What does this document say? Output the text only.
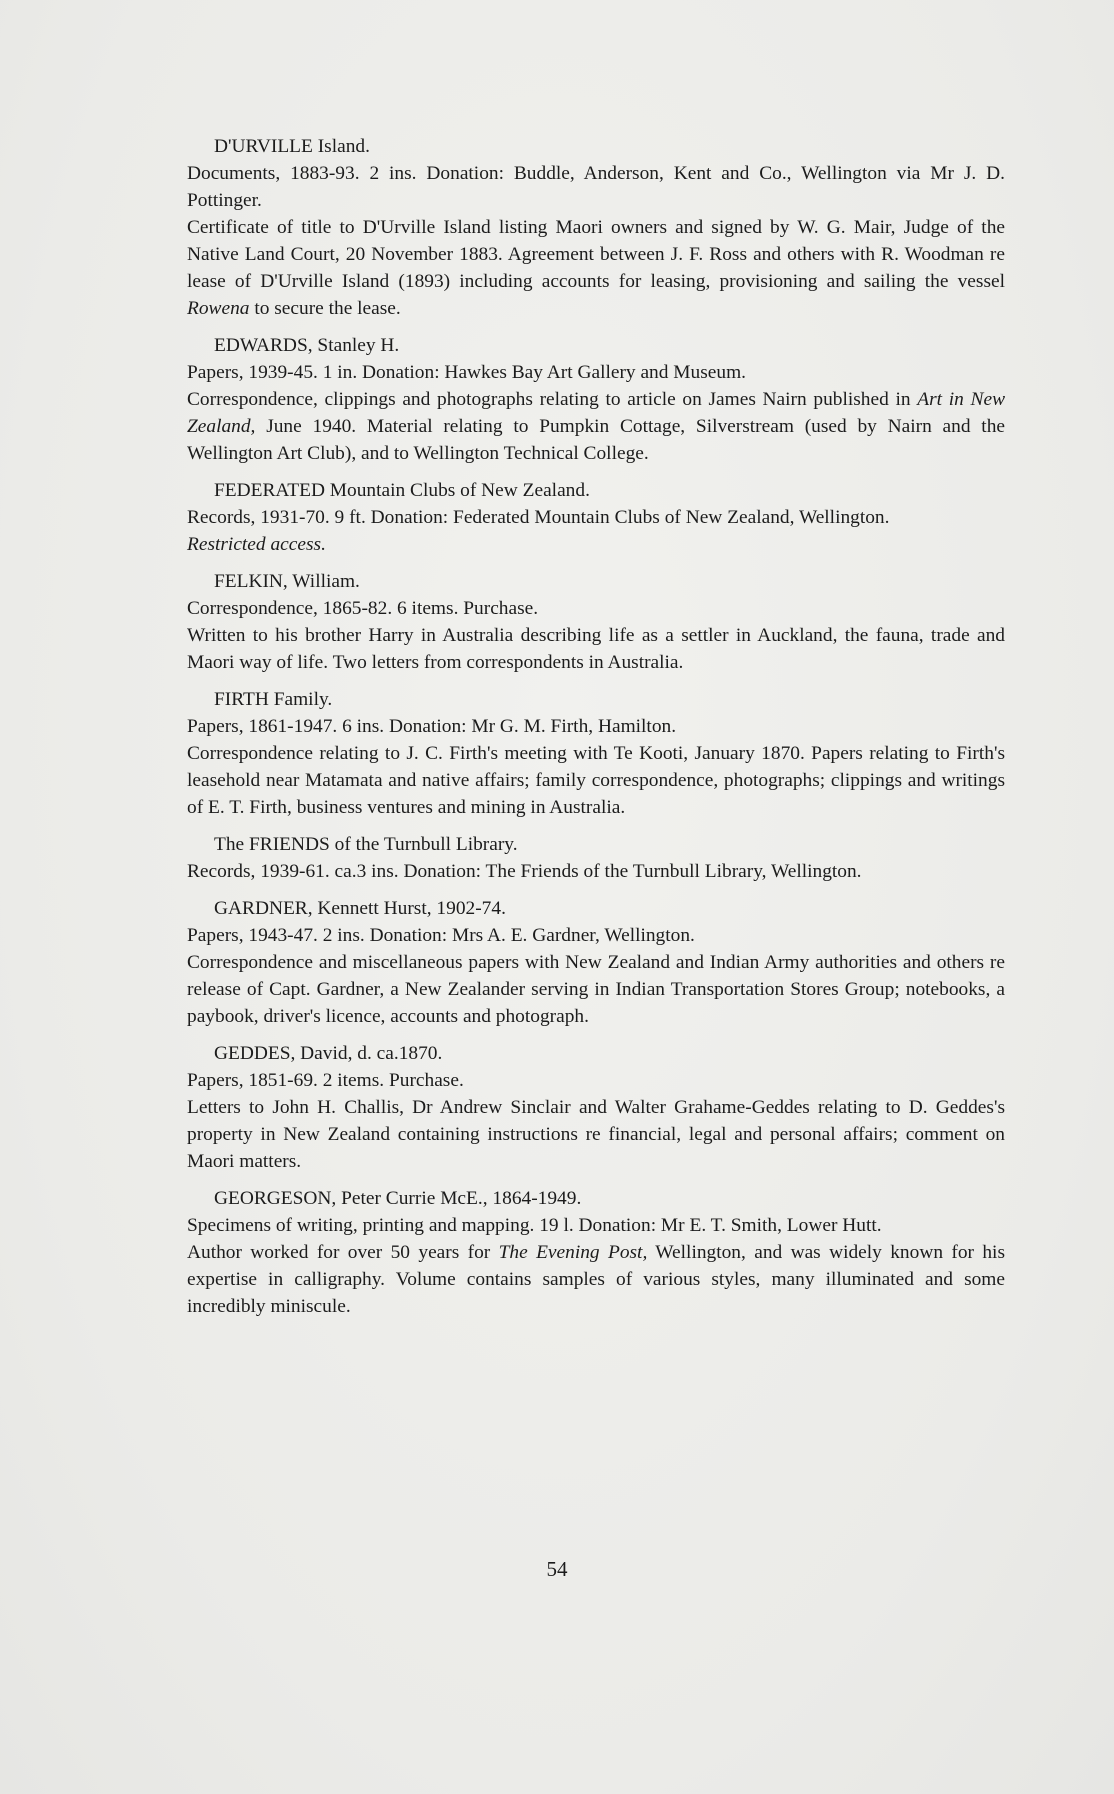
D'URVILLE Island.
Documents, 1883-93. 2 ins. Donation: Buddle, Anderson, Kent and Co., Wellington via Mr J. D. Pottinger.
Certificate of title to D'Urville Island listing Maori owners and signed by W. G. Mair, Judge of the Native Land Court, 20 November 1883. Agreement between J. F. Ross and others with R. Woodman re lease of D'Urville Island (1893) including accounts for leasing, provisioning and sailing the vessel Rowena to secure the lease.
EDWARDS, Stanley H.
Papers, 1939-45. 1 in. Donation: Hawkes Bay Art Gallery and Museum.
Correspondence, clippings and photographs relating to article on James Nairn published in Art in New Zealand, June 1940. Material relating to Pumpkin Cottage, Silverstream (used by Nairn and the Wellington Art Club), and to Wellington Technical College.
FEDERATED Mountain Clubs of New Zealand.
Records, 1931-70. 9 ft. Donation: Federated Mountain Clubs of New Zealand, Wellington.
Restricted access.
FELKIN, William.
Correspondence, 1865-82. 6 items. Purchase.
Written to his brother Harry in Australia describing life as a settler in Auckland, the fauna, trade and Maori way of life. Two letters from correspondents in Australia.
FIRTH Family.
Papers, 1861-1947. 6 ins. Donation: Mr G. M. Firth, Hamilton.
Correspondence relating to J. C. Firth's meeting with Te Kooti, January 1870. Papers relating to Firth's leasehold near Matamata and native affairs; family correspondence, photographs; clippings and writings of E. T. Firth, business ventures and mining in Australia.
The FRIENDS of the Turnbull Library.
Records, 1939-61. ca.3 ins. Donation: The Friends of the Turnbull Library, Wellington.
GARDNER, Kennett Hurst, 1902-74.
Papers, 1943-47. 2 ins. Donation: Mrs A. E. Gardner, Wellington.
Correspondence and miscellaneous papers with New Zealand and Indian Army authorities and others re release of Capt. Gardner, a New Zealander serving in Indian Transportation Stores Group; notebooks, a paybook, driver's licence, accounts and photograph.
GEDDES, David, d. ca.1870.
Papers, 1851-69. 2 items. Purchase.
Letters to John H. Challis, Dr Andrew Sinclair and Walter Grahame-Geddes relating to D. Geddes's property in New Zealand containing instructions re financial, legal and personal affairs; comment on Maori matters.
GEORGESON, Peter Currie McE., 1864-1949.
Specimens of writing, printing and mapping. 19 l. Donation: Mr E. T. Smith, Lower Hutt.
Author worked for over 50 years for The Evening Post, Wellington, and was widely known for his expertise in calligraphy. Volume contains samples of various styles, many illuminated and some incredibly miniscule.
54
